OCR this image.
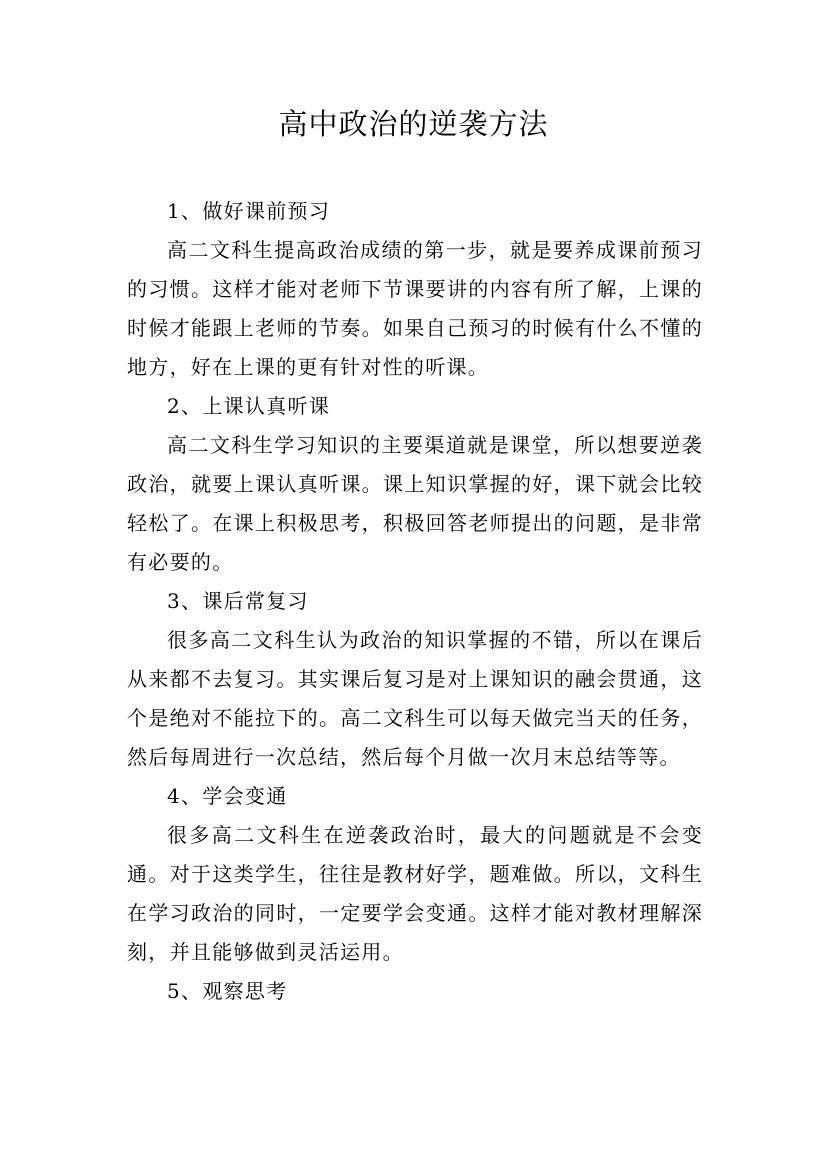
高中政治的逆袭方法

1、做好课前预习

高二文科生提高政治成绩的第一步，就是要养成课前预习的习惯。这样才能对老师下节课要讲的内容有所了解，上课的时候才能跟上老师的节奏。如果自己预习的时候有什么不懂的地方，好在上课的更有针对性的听课。

2、上课认真听课

高二文科生学习知识的主要渠道就是课堂，所以想要逆袭政治，就要上课认真听课。课上知识掌握的好，课下就会比较轻松了。在课上积极思考，积极回答老师提出的问题，是非常有必要的。

3、课后常复习

很多高二文科生认为政治的知识掌握的不错，所以在课后从来都不去复习。其实课后复习是对上课知识的融会贯通，这个是绝对不能拉下的。高二文科生可以每天做完当天的任务，然后每周进行一次总结，然后每个月做一次月末总结等等。

4、学会变通

很多高二文科生在逆袭政治时，最大的问题就是不会变通。对于这类学生，往往是教材好学，题难做。所以，文科生在学习政治的同时，一定要学会变通。这样才能对教材理解深刻，并且能够做到灵活运用。

5、观察思考
